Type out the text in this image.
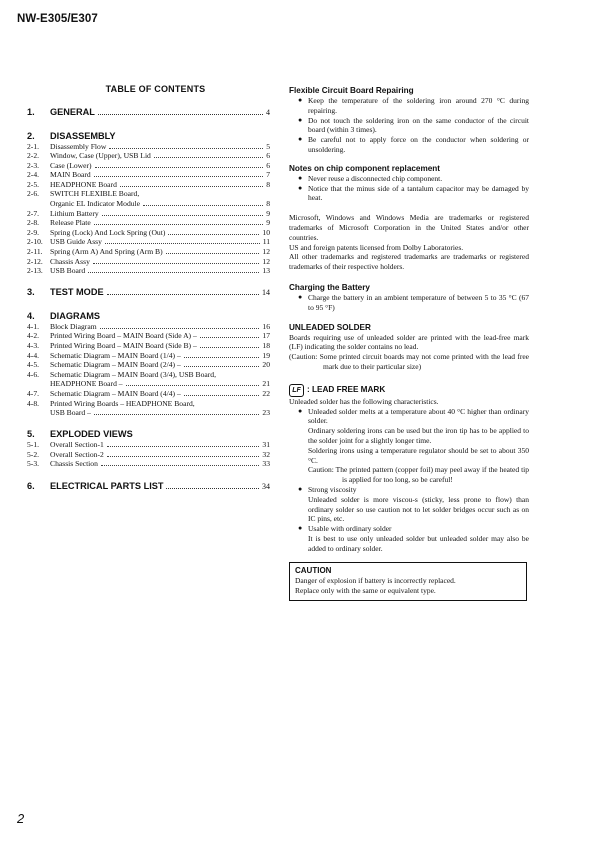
NW-E305/E307
TABLE OF CONTENTS
1.	GENERAL	4
2.	DISASSEMBLY
2-1.	Disassembly Flow	5
2-2.	Window, Case (Upper), USB Lid	6
2-3.	Case (Lower)	6
2-4.	MAIN Board	7
2-5.	HEADPHONE Board	8
2-6.	SWITCH FLEXIBLE Board,
Organic EL Indicator Module	8
2-7.	Lithium Battery	9
2-8.	Release Plate	9
2-9.	Spring (Lock) And Lock Spring (Out)	10
2-10. USB Guide Assy	11
2-11. Spring (Arm A) And Spring (Arm B)	12
2-12. Chassis Assy	12
2-13. USB Board	13
3.	TEST MODE	14
4.	DIAGRAMS
4-1.	Block Diagram	16
4-2.	Printed Wiring Board – MAIN Board (Side A) –	17
4-3.	Printed Wiring Board – MAIN Board (Side B) –	18
4-4.	Schematic Diagram – MAIN Board (1/4) –	19
4-5.	Schematic Diagram – MAIN Board (2/4) –	20
4-6.	Schematic Diagram – MAIN Board (3/4), USB Board,
HEADPHONE Board –	21
4-7.	Schematic Diagram – MAIN Board (4/4) –	22
4-8.	Printed Wiring Boards – HEADPHONE Board,
USB Board –	23
5.	EXPLODED VIEWS
5-1.	Overall Section-1	31
5-2.	Overall Section-2	32
5-3.	Chassis Section	33
6.	ELECTRICAL PARTS LIST	34
Flexible Circuit Board Repairing
● Keep the temperature of the soldering iron around 270 °C during repairing.
● Do not touch the soldering iron on the same conductor of the circuit board (within 3 times).
● Be careful not to apply force on the conductor when soldering or unsoldering.
Notes on chip component replacement
● Never reuse a disconnected chip component.
● Notice that the minus side of a tantalum capacitor may be damaged by heat.
Microsoft, Windows and Windows Media are trademarks or registered trademarks of Microsoft Corporation in the United States and/or other countries.
US and foreign patents licensed from Dolby Laboratories.
All other trademarks and registered trademarks are trademarks or registered trademarks of their respective holders.
Charging the Battery
● Charge the battery in an ambient temperature of between 5 to 35 °C (67 to 95 °F)
UNLEADED SOLDER
Boards requiring use of unleaded solder are printed with the lead-free mark (LF) indicating the solder contains no lead.
(Caution: Some printed circuit boards may not come printed with the lead free mark due to their particular size)
LF : LEAD FREE MARK
Unleaded solder has the following characteristics.
● Unleaded solder melts at a temperature about 40 °C higher than ordinary solder.
Ordinary soldering irons can be used but the iron tip has to be applied to the solder joint for a slightly longer time.
Soldering irons using a temperature regulator should be set to about 350 °C.
Caution: The printed pattern (copper foil) may peel away if the heated tip is applied for too long, so be careful!
● Strong viscosity
Unleaded solder is more viscou-s (sticky, less prone to flow) than ordinary solder so use caution not to let solder bridges occur such as on IC pins, etc.
● Usable with ordinary solder
It is best to use only unleaded solder but unleaded solder may also be added to ordinary solder.
CAUTION
Danger of explosion if battery is incorrectly replaced.
Replace only with the same or equivalent type.
2
